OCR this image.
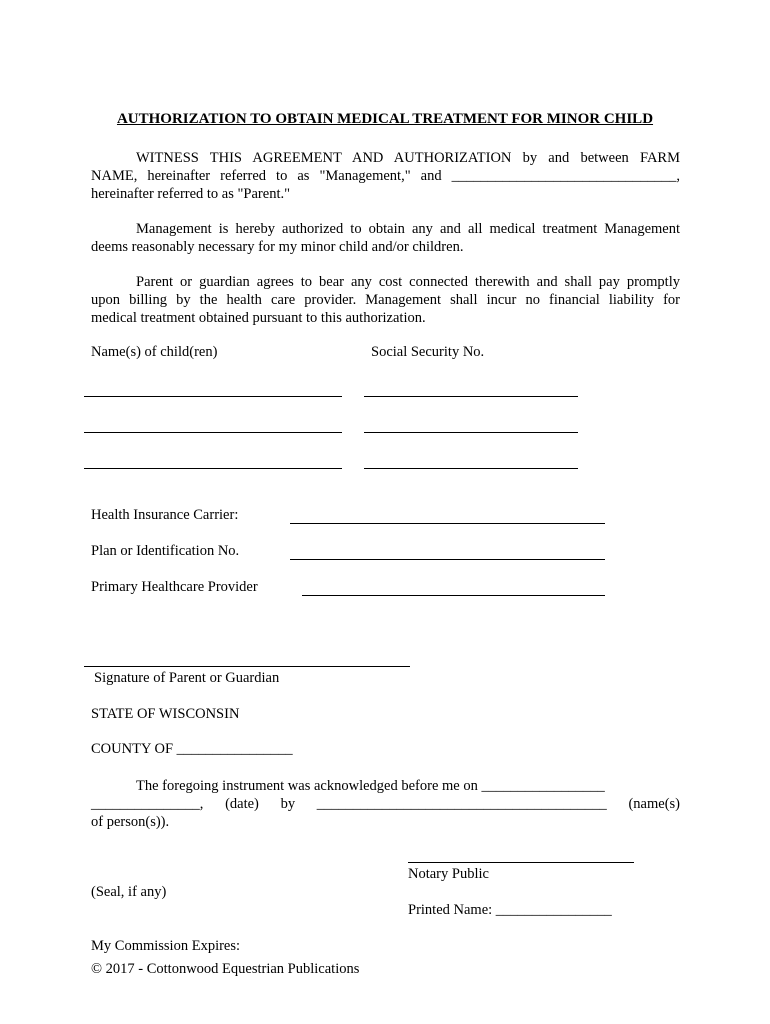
AUTHORIZATION TO OBTAIN MEDICAL TREATMENT FOR MINOR CHILD

WITNESS THIS AGREEMENT AND AUTHORIZATION by and between FARM

NAME, hereinafter referred to as "Management," and _______________________________,

hereinafter referred to as "Parent."

Management is hereby authorized to obtain any and all medical treatment Management

deems reasonably necessary for my minor child and/or children.

Parent or guardian agrees to bear any cost connected therewith and shall pay promptly

upon billing by the health care provider. Management shall incur no financial liability for

medical treatment obtained pursuant to this authorization.

Name(s) of child(ren)	Social Security No.
Health Insurance Carrier:
Plan or Identification No.
Primary Healthcare Provider
Signature of Parent or Guardian
STATE OF WISCONSIN
COUNTY OF ________________

The foregoing instrument was acknowledged before me on _________________

_______________, (date) by ________________________________________ (name(s)

of person(s)).

Notary Public
(Seal, if any)
Printed Name: ________________
My Commission Expires:
© 2017 - Cottonwood Equestrian Publications
